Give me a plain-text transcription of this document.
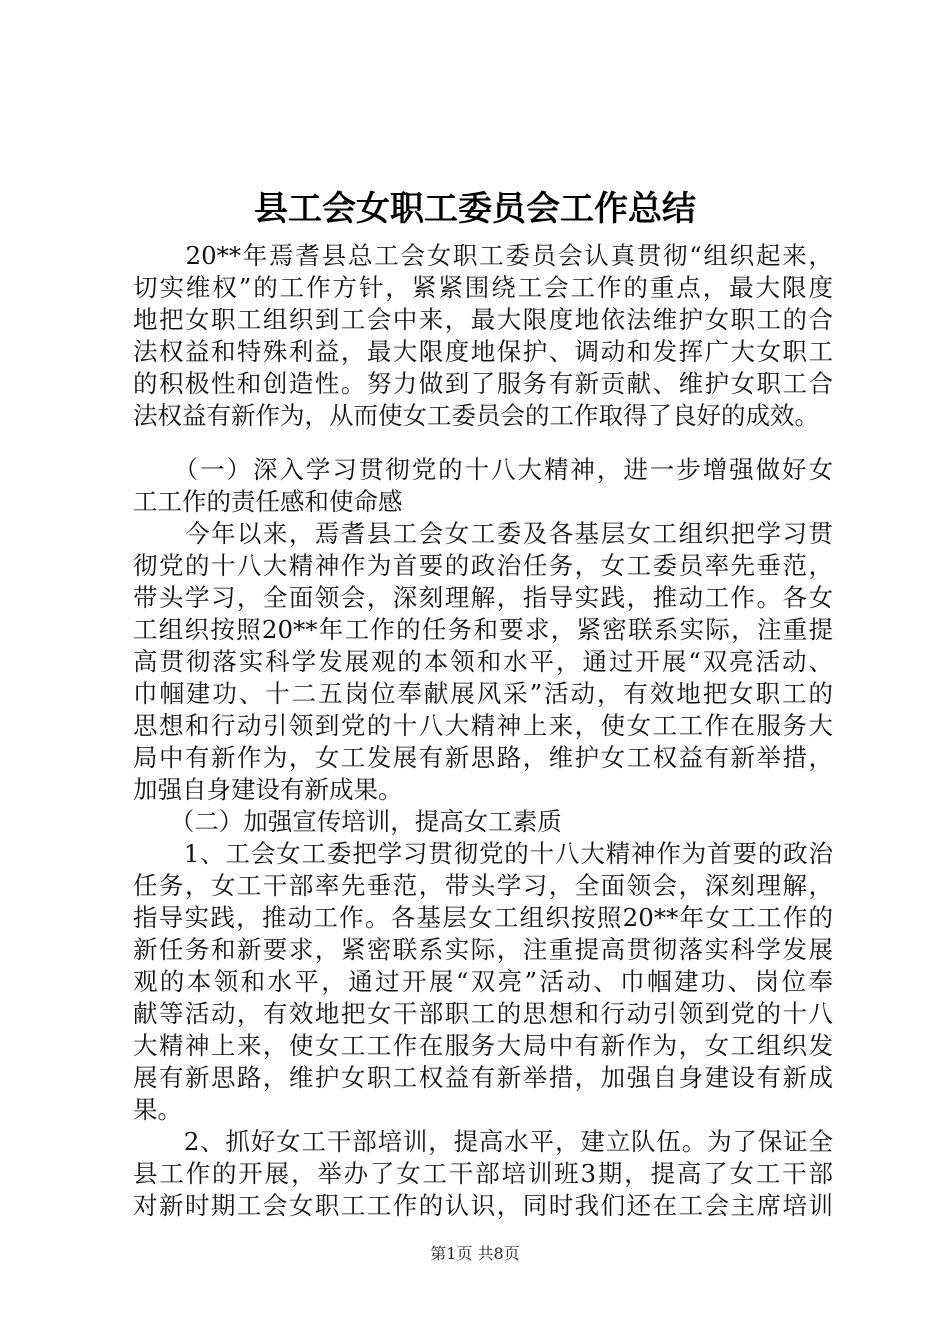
县工会女职工委员会工作总结

　　20**年焉耆县总工会女职工委员会认真贯彻“组织起来，

切实维权”的工作方针，紧紧围绕工会工作的重点，最大限度

地把女职工组织到工会中来，最大限度地依法维护女职工的合

法权益和特殊利益，最大限度地保护、调动和发挥广大女职工

的积极性和创造性。努力做到了服务有新贡献、维护女职工合

法权益有新作为，从而使女工委员会的工作取得了良好的成效。

　　（一）深入学习贯彻党的十八大精神，进一步增强做好女

工工作的责任感和使命感

　　今年以来，焉耆县工会女工委及各基层女工组织把学习贯

彻党的十八大精神作为首要的政治任务，女工委员率先垂范，

带头学习，全面领会，深刻理解，指导实践，推动工作。各女

工组织按照20**年工作的任务和要求，紧密联系实际，注重提

高贯彻落实科学发展观的本领和水平，通过开展“双亮活动、

巾帼建功、十二五岗位奉献展风采”活动，有效地把女职工的

思想和行动引领到党的十八大精神上来，使女工工作在服务大

局中有新作为，女工发展有新思路，维护女工权益有新举措，

加强自身建设有新成果。

　　（二）加强宣传培训，提高女工素质

　　1、工会女工委把学习贯彻党的十八大精神作为首要的政治

任务，女工干部率先垂范，带头学习，全面领会，深刻理解，

指导实践，推动工作。各基层女工组织按照20**年女工工作的

新任务和新要求，紧密联系实际，注重提高贯彻落实科学发展

观的本领和水平，通过开展“双亮”活动、巾帼建功、岗位奉

献等活动，有效地把女干部职工的思想和行动引领到党的十八

大精神上来，使女工工作在服务大局中有新作为，女工组织发

展有新思路，维护女职工权益有新举措，加强自身建设有新成

果。

　　2、抓好女工干部培训，提高水平，建立队伍。为了保证全

县工作的开展，举办了女工干部培训班3期，提高了女工干部

对新时期工会女职工工作的认识，同时我们还在工会主席培训

第1页 共8页
